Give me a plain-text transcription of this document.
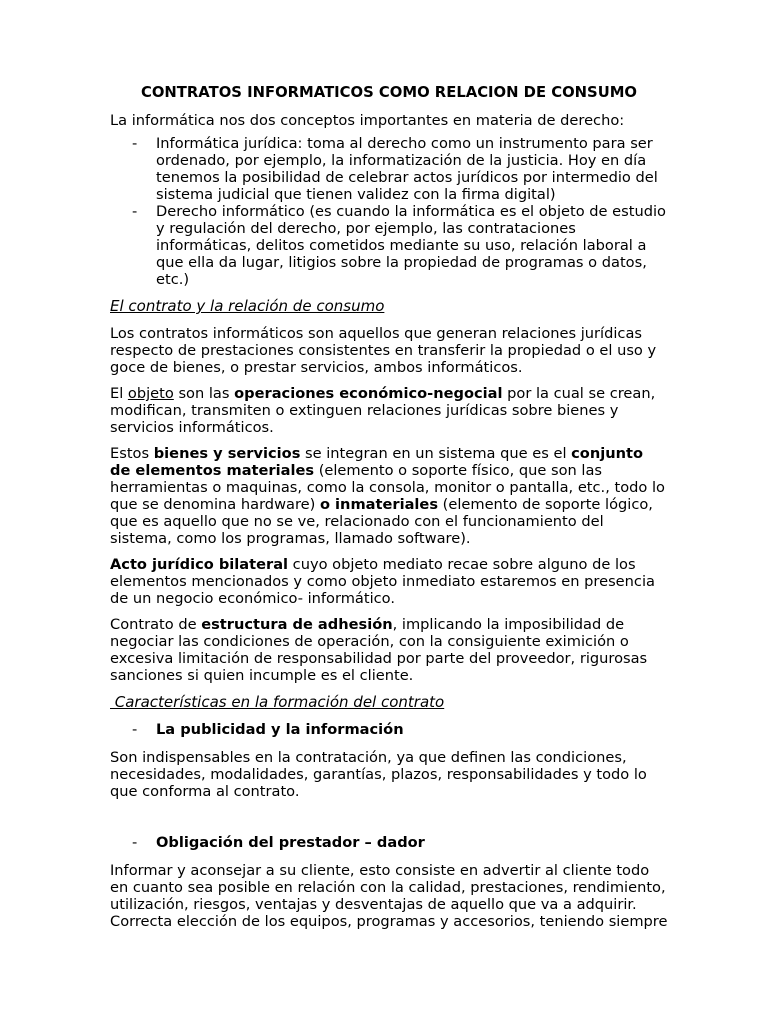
CONTRATOS INFORMATICOS COMO RELACION DE CONSUMO

La informática nos dos conceptos importantes en materia de derecho:

- Informática jurídica: toma al derecho como un instrumento para ser ordenado, por ejemplo, la informatización de la justicia. Hoy en día tenemos la posibilidad de celebrar actos jurídicos por intermedio del sistema judicial que tienen validez con la firma digital)
- Derecho informático (es cuando la informática es el objeto de estudio y regulación del derecho, por ejemplo, las contrataciones informáticas, delitos cometidos mediante su uso, relación laboral a que ella da lugar, litigios sobre la propiedad de programas o datos, etc.)
El contrato y la relación de consumo

Los contratos informáticos son aquellos que generan relaciones jurídicas respecto de prestaciones consistentes en transferir la propiedad o el uso y goce de bienes, o prestar servicios, ambos informáticos.

El objeto son las operaciones económico-negocial por la cual se crean, modifican, transmiten o extinguen relaciones jurídicas sobre bienes y servicios informáticos.

Estos bienes y servicios se integran en un sistema que es el conjunto de elementos materiales (elemento o soporte físico, que son las herramientas o maquinas, como la consola, monitor o pantalla, etc., todo lo que se denomina hardware) o inmateriales (elemento de soporte lógico, que es aquello que no se ve, relacionado con el funcionamiento del sistema, como los programas, llamado software).

Acto jurídico bilateral cuyo objeto mediato recae sobre alguno de los elementos mencionados y como objeto inmediato estaremos en presencia de un negocio económico- informático.

Contrato de estructura de adhesión, implicando la imposibilidad de negociar las condiciones de operación, con la consiguiente eximición o excesiva limitación de responsabilidad por parte del proveedor, rigurosas sanciones si quien incumple es el cliente.

Características en la formación del contrato
- La publicidad y la información

Son indispensables en la contratación, ya que definen las condiciones, necesidades, modalidades, garantías, plazos, responsabilidades y todo lo que conforma al contrato.

- Obligación del prestador – dador

Informar y aconsejar a su cliente, esto consiste en advertir al cliente todo en cuanto sea posible en relación con la calidad, prestaciones, rendimiento, utilización, riesgos, ventajas y desventajas de aquello que va a adquirir. Correcta elección de los equipos, programas y accesorios, teniendo siempre
